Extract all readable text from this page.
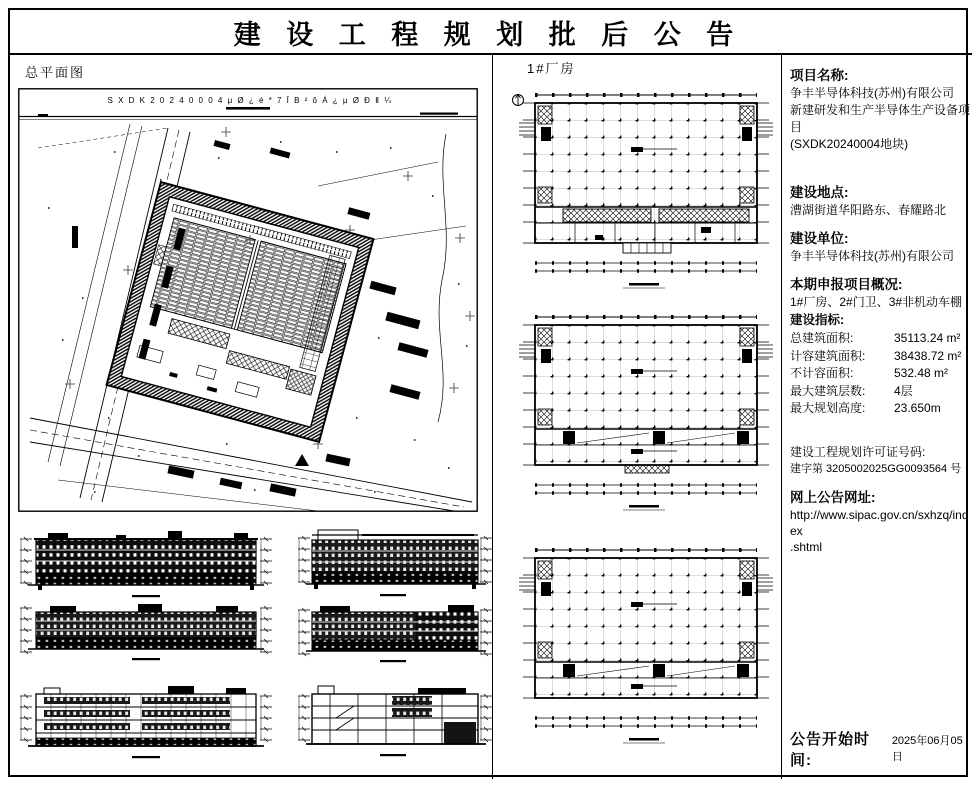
建 设 工 程 规 划 批 后 公 告
总平面图	1#厂房
S X D K 2 0 2 4 0 0 0 4 μ Ø ¿ é * 7 Ī B ² ǒ Á ¿ μ Ø Ð Ⅱ ¼
项目名称:
争丰半导体科技(苏州)有限公司
新建研发和生产半导体生产设备项目
(SXDK20240004地块)
建设地点:
漕湖街道华阳路东、春耀路北
建设单位:
争丰半导体科技(苏州)有限公司
本期申报项目概况:
1#厂房、2#门卫、3#非机动车棚
建设指标:
总建筑面积:	35113.24 m²
计容建筑面积:	38438.72 m²
不计容面积:	532.48 m²
最大建筑层数:	4层
最大规划高度:	23.650m
建设工程规划许可证号码:
建字第 3205002025GG0093564 号
网上公告网址:
http://www.sipac.gov.cn/sxhzq/index
.shtml
公告开始时间:
2025年06月05日
